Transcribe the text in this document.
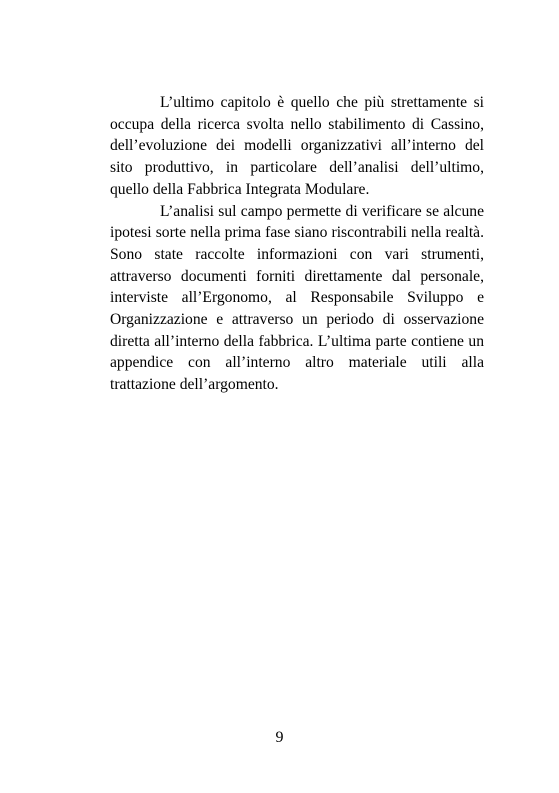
L’ultimo capitolo è quello che più strettamente si occupa della ricerca svolta nello stabilimento di Cassino, dell’evoluzione dei modelli organizzativi all’interno del sito produttivo, in particolare dell’analisi dell’ultimo, quello della Fabbrica Integrata Modulare.

L’analisi sul campo permette di verificare se alcune ipotesi sorte nella prima fase siano riscontrabili nella realtà. Sono state raccolte informazioni con vari strumenti, attraverso documenti forniti direttamente dal personale, interviste all’Ergonomo, al Responsabile Sviluppo e Organizzazione e attraverso un periodo di osservazione diretta all’interno della fabbrica. L’ultima parte contiene un appendice con all’interno altro materiale utili alla trattazione dell’argomento.

9
